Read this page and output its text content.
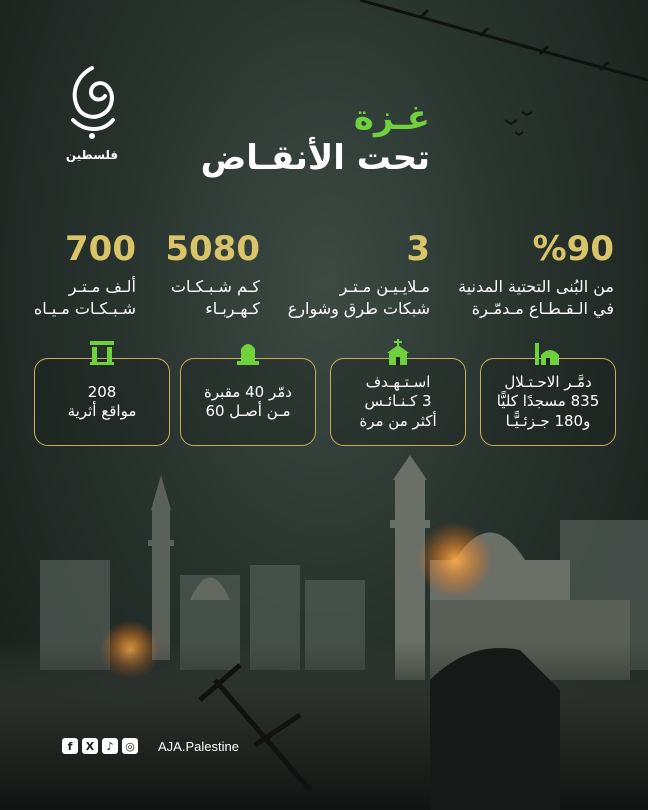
فلسطين
غـزة
تحت الأنقـاض
%90
من البُنى التحتية المدنية
في الـقـطـاع مـدمّـرة
3
مـلايـيـن مـتـر
شبكات طرق وشوارع
5080
كـم شـبـكـات
كـهـربـاء
700
ألـف مـتـر
شـبـكـات مـيـاه
دمَّـر الاحـتـلال
835 مسجدًا كليًّا
و180 جـزئـيًّـا
اسـتـهـدف
3 كـنـائـس
أكثر من مرة
دمّر 40 مقبرة
مـن أصـل 60
208
مواقع أثرية
f	X	♪	◎ AJA.Palestine
